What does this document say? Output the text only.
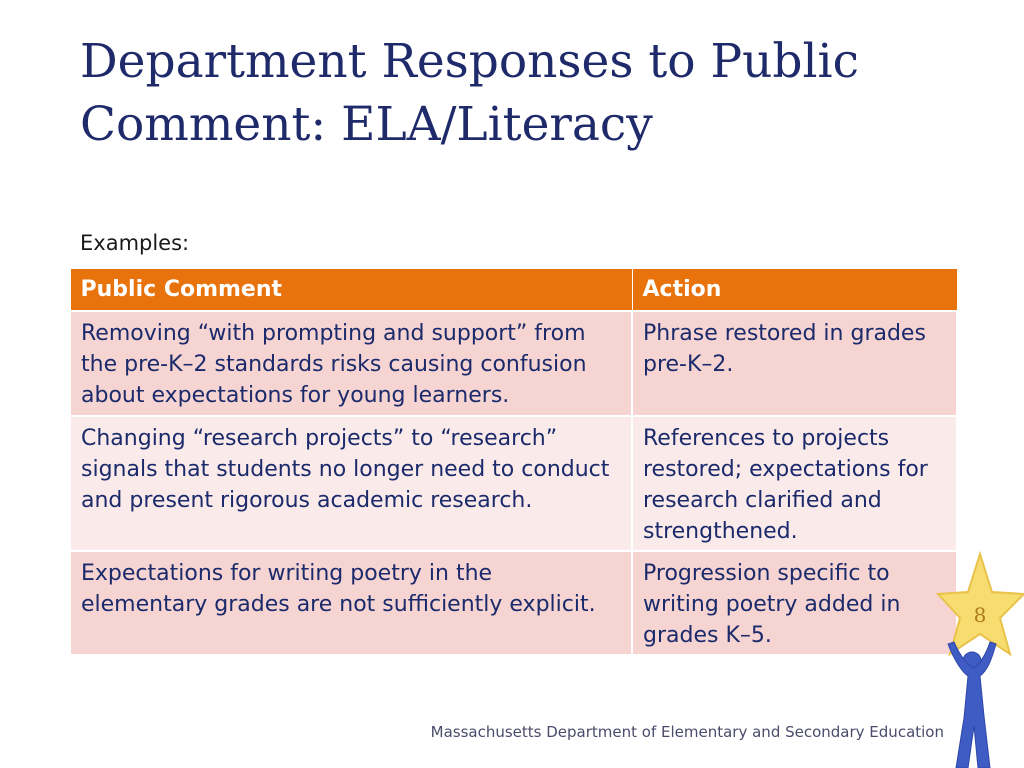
Department Responses to Public Comment: ELA/Literacy
Examples:
Public Comment	Action
Removing “with prompting and support” from the pre-K–2 standards risks causing confusion about expectations for young learners.	Phrase restored in grades pre-K–2.
Changing “research projects” to “research” signals that students no longer need to conduct and present rigorous academic research.	References to projects restored; expectations for research clarified and strengthened.
Expectations for writing poetry in the elementary grades are not sufficiently explicit.	Progression specific to writing poetry added in grades K–5.
8
Massachusetts Department of Elementary and Secondary Education
